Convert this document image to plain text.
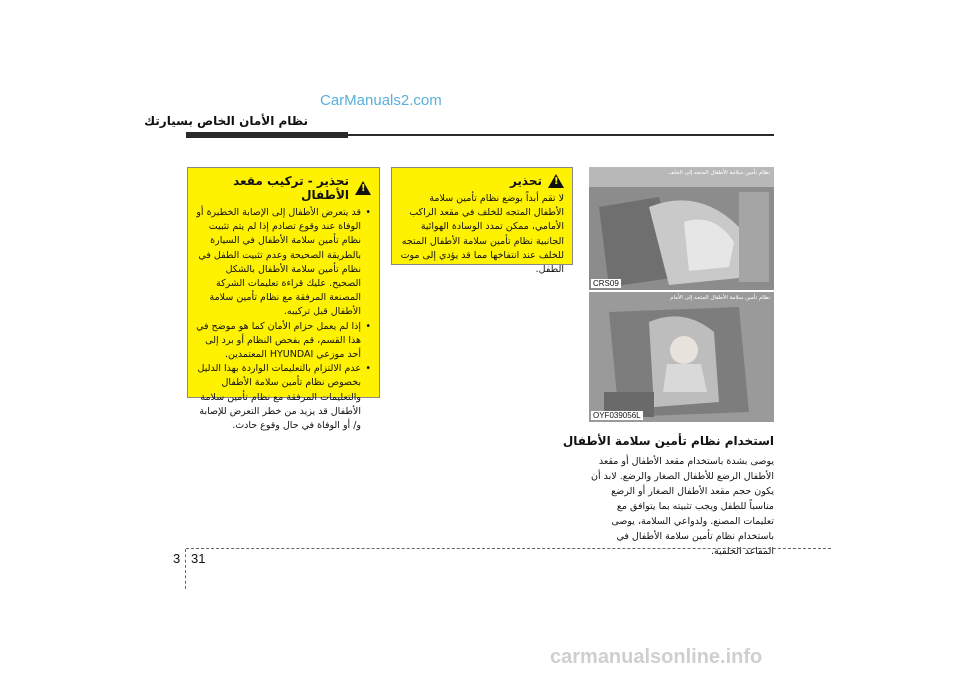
CarManuals2.com
نظام الأمان الخاص بسيارتك
!
تحذير - تركيب مقعد الأطفال
• قد يتعرض الأطفال إلى الإصابة الخطيرة أو الوفاة عند وقوع تصادم إذا لم يتم تثبيت نظام تأمين سلامة الأطفال في السيارة بالطريقة الصحيحة وعدم تثبيت الطفل في نظام تأمين سلامة الأطفال بالشكل الصحيح. عليك قراءة تعليمات الشركة المصنعة المرفقة مع نظام تأمين سلامة الأطفال قبل تركيبه.
• إذا لم يعمل حزام الأمان كما هو موضح في هذا القسم، قم بفحص النظام أو برد إلى أحد موزعي HYUNDAI المعتمدين.
• عدم الالتزام بالتعليمات الواردة بهذا الدليل بخصوص نظام تأمين سلامة الأطفال والتعليمات المرفقة مع نظام تأمين سلامة الأطفال قد يزيد من خطر التعرض للإصابة و/ أو الوفاة في حال وقوع حادث.
!
تحذير
لا تقم أبداً بوضع نظام تأمين سلامة الأطفال المتجه للخلف في مقعد الراكب الأمامي، ممكن تمدد الوسادة الهوائية الجانبية نظام تأمين سلامة الأطفال المتجه للخلف عند انتفاخها مما قد يؤدي إلى موت الطفل.
نظام تأمين سلامة الأطفال المتجه إلى الخلف
CRS09
نظام تأمين سلامة الأطفال المتجه إلى الأمام
OYF039056L
استخدام نظام تأمين سلامة الأطفال
يوصى بشدة باستخدام مقعد الأطفال أو مقعد الأطفال الرضع للأطفال الصغار والرضع. لابد أن يكون حجم مقعد الأطفال الصغار أو الرضع مناسباً للطفل ويجب تثبيته بما يتوافق مع تعليمات المصنع. ولدواعي السلامة، يوصى باستخدام نظام تأمين سلامة الأطفال في المقاعد الخلفية.
3 31
carmanualsonline.info
